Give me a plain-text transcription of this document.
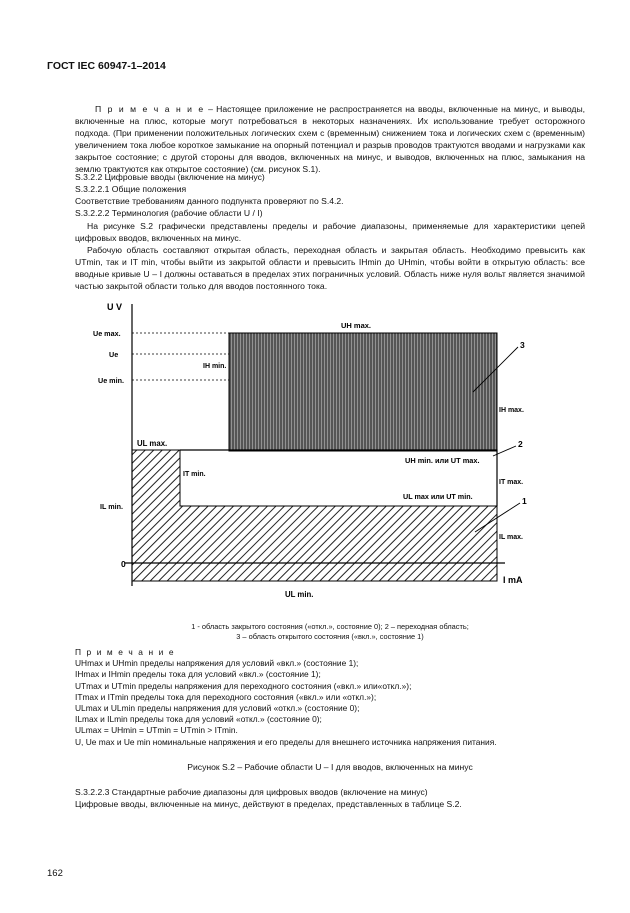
ГОСТ IEC 60947-1–2014
П р и м е ч а н и е – Настоящее приложение не распространяется на вводы, включенные на минус, и выводы, включенные на плюс, которые могут потребоваться в некоторых назначениях. Их использование требует осторожного подхода. (При применении положительных логических схем с (временным) снижением тока и логических схем с (временным) увеличением тока любое короткое замыкание на опорный потенциал и разрыв проводов трактуются вводами и нагрузками как закрытое состояние; с другой стороны для вводов, включенных на минус, и выводов, включенных на плюс, замыкания на землю трактуются как открытое состояние) (см. рисунок S.1).
S.3.2.2 Цифровые вводы (включение на минус)
S.3.2.2.1 Общие положения
Соответствие требованиям данного подпункта проверяют по S.4.2.
S.3.2.2.2 Терминология (рабочие области U / I)
На рисунке S.2 графически представлены пределы и рабочие диапазоны, применяемые для характеристики цепей цифровых вводов, включенных на минус.
Рабочую область составляют открытая область, переходная область и закрытая область. Необходимо превысить как UTmin, так и IT min, чтобы выйти из закрытой области и превысить IHmin до UHmin, чтобы войти в открытую область: все вводные кривые U – I должны оставаться в пределах этих пограничных условий. Область ниже нуля вольт является значимой частью закрытой области только для вводов постоянного тока.
U V
Ue max.
Ue
Ue min.
UL max.
IL min.
0
I mA
UH max.
IH min.
IH max.
UH min. или UT max.
IT max.
IT min.
UL max или UT min.
IL max.
UL min.
3
2
1
1 - область закрытого состояния («откл.», состояние 0); 2 – переходная область;
3 – область открытого состояния («вкл.», состояние 1)
П р и м е ч а н и е
UHmax и UHmin пределы напряжения для условий «вкл.» (состояние 1);
IHmax и IHmin пределы тока для условий «вкл.» (состояние 1);
UTmax и UTmin пределы напряжения для переходного состояния («вкл.» или«откл.»);
ITmax и ITmin пределы тока для переходного состояния («вкл.» или «откл.»);
ULmax и ULmin пределы напряжения для условий «откл.» (состояние 0);
ILmax и ILmin пределы тока для условий «откл.» (состояние 0);
ULmax = UHmin = UTmin = UTmin > ITmin.
U, Ue max и Ue min номинальные напряжения и его пределы для внешнего источника напряжения питания.
Рисунок S.2 – Рабочие области U – I для вводов, включенных на минус
S.3.2.2.3 Стандартные рабочие диапазоны для цифровых вводов (включение на минус)
Цифровые вводы, включенные на минус, действуют в пределах, представленных в таблице S.2.
162
